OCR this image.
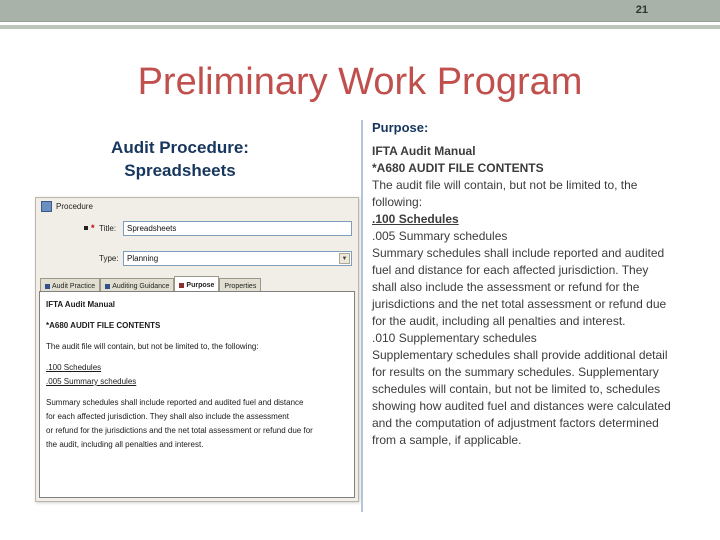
21
Preliminary Work Program
Audit Procedure:
Spreadsheets
Procedure
* Title:	Spreadsheets
Type:	Planning	▼
Audit Practice Auditing Guidance Purpose Properties
IFTA Audit Manual
*A680 AUDIT FILE CONTENTS
The audit file will contain, but not be limited to, the following:
.100 Schedules
.005 Summary schedules
Summary schedules shall include reported and audited fuel and distance
for each affected jurisdiction. They shall also include the assessment
or refund for the jurisdictions and the net total assessment or refund due for
the audit, including all penalties and interest.
Purpose:

IFTA Audit Manual

*A680 AUDIT FILE CONTENTS

The audit file will contain, but not be limited to, the following:

.100 Schedules

.005 Summary schedules

Summary schedules shall include reported and audited fuel and distance for each affected jurisdiction. They shall also include the assessment or refund for the jurisdictions and the net total assessment or refund due for the audit, including all penalties and interest.

.010 Supplementary schedules

Supplementary schedules shall provide additional detail for results on the summary schedules. Supplementary schedules will contain, but not be limited to, schedules showing how audited fuel and distances were calculated and the computation of adjustment factors determined from a sample, if applicable.
